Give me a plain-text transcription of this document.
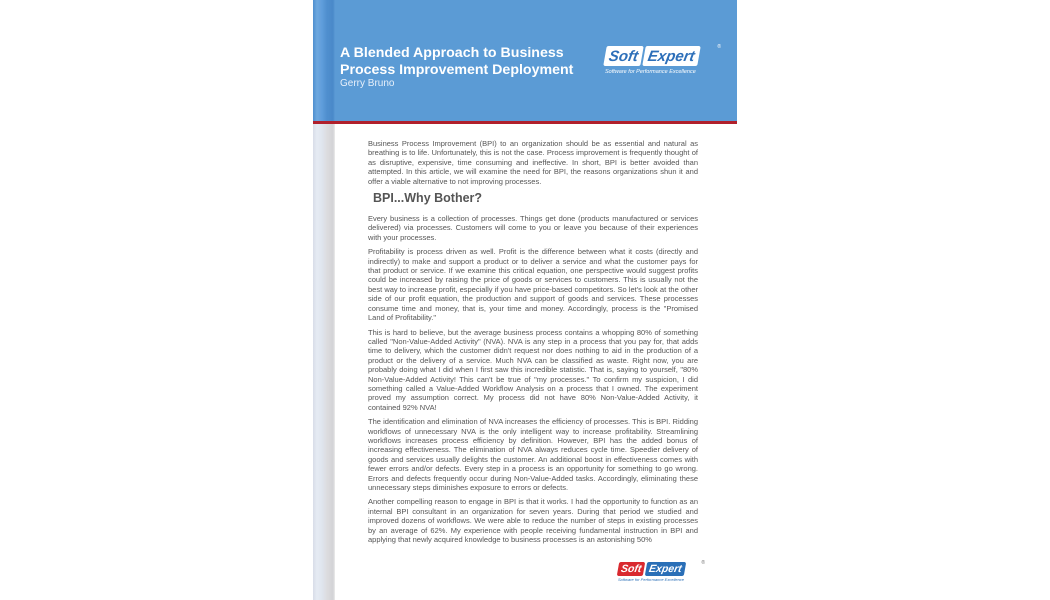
A Blended Approach to Business
Process Improvement Deployment
Gerry Bruno
Soft Expert
®
Software for Performance Excellence

Business Process Improvement (BPI) to an organization should be as essential and natural as breathing is to life. Unfortunately, this is not the case. Process improvement is frequently thought of as disruptive, expensive, time consuming and ineffective. In short, BPI is better avoided than attempted. In this article, we will examine the need for BPI, the reasons organizations shun it and offer a viable alternative to not improving processes.

BPI...Why Bother?

Every business is a collection of processes. Things get done (products manufactured or services delivered) via processes. Customers will come to you or leave you because of their experiences with your processes.

Profitability is process driven as well. Profit is the difference between what it costs (directly and indirectly) to make and support a product or to deliver a service and what the customer pays for that product or service. If we examine this critical equation, one perspective would suggest profits could be increased by raising the price of goods or services to customers. This is usually not the best way to increase profit, especially if you have price-based competitors. So let's look at the other side of our profit equation, the production and support of goods and services. These processes consume time and money, that is, your time and money. Accordingly, process is the "Promised Land of Profitability."

This is hard to believe, but the average business process contains a whopping 80% of something called "Non-Value-Added Activity" (NVA). NVA is any step in a process that you pay for, that adds time to delivery, which the customer didn't request nor does nothing to aid in the production of a product or the delivery of a service. Much NVA can be classified as waste. Right now, you are probably doing what I did when I first saw this incredible statistic. That is, saying to yourself, "80% Non-Value-Added Activity! This can't be true of "my processes." To confirm my suspicion, I did something called a Value-Added Workflow Analysis on a process that I owned. The experiment proved my assumption correct. My process did not have 80% Non-Value-Added Activity, it contained 92% NVA!

The identification and elimination of NVA increases the efficiency of processes. This is BPI. Ridding workflows of unnecessary NVA is the only intelligent way to increase profitability. Streamlining workflows increases process efficiency by definition. However, BPI has the added bonus of increasing effectiveness. The elimination of NVA always reduces cycle time. Speedier delivery of goods and services usually delights the customer. An additional boost in effectiveness comes with fewer errors and/or defects. Every step in a process is an opportunity for something to go wrong. Errors and defects frequently occur during Non-Value-Added tasks. Accordingly, eliminating these unnecessary steps diminishes exposure to errors or defects.

Another compelling reason to engage in BPI is that it works. I had the opportunity to function as an internal BPI consultant in an organization for seven years. During that period we studied and improved dozens of workflows. We were able to reduce the number of steps in existing processes by an average of 62%. My experience with people receiving fundamental instruction in BPI and applying that newly acquired knowledge to business processes is an astonishing 50%

Soft Expert	®
Software for Performance Excellence
